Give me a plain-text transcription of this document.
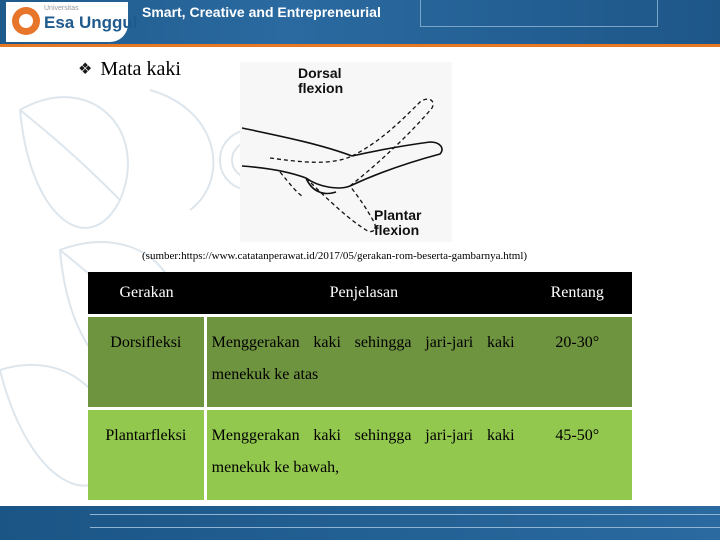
Universitas
Esa Unggul
Smart, Creative and Entrepreneurial
❖ Mata kaki	Dorsal
flexion
Plantar
flexion
(sumber:https://www.catatanperawat.id/2017/05/gerakan-rom-beserta-gambarnya.html)
Gerakan	Penjelasan	Rentang

Dorsifleksi	Menggerakan kaki sehingga jari-jari kaki menekuk ke atas	20-30°

Plantarfleksi	Menggerakan kaki sehingga jari-jari kaki menekuk ke bawah,	45-50°
